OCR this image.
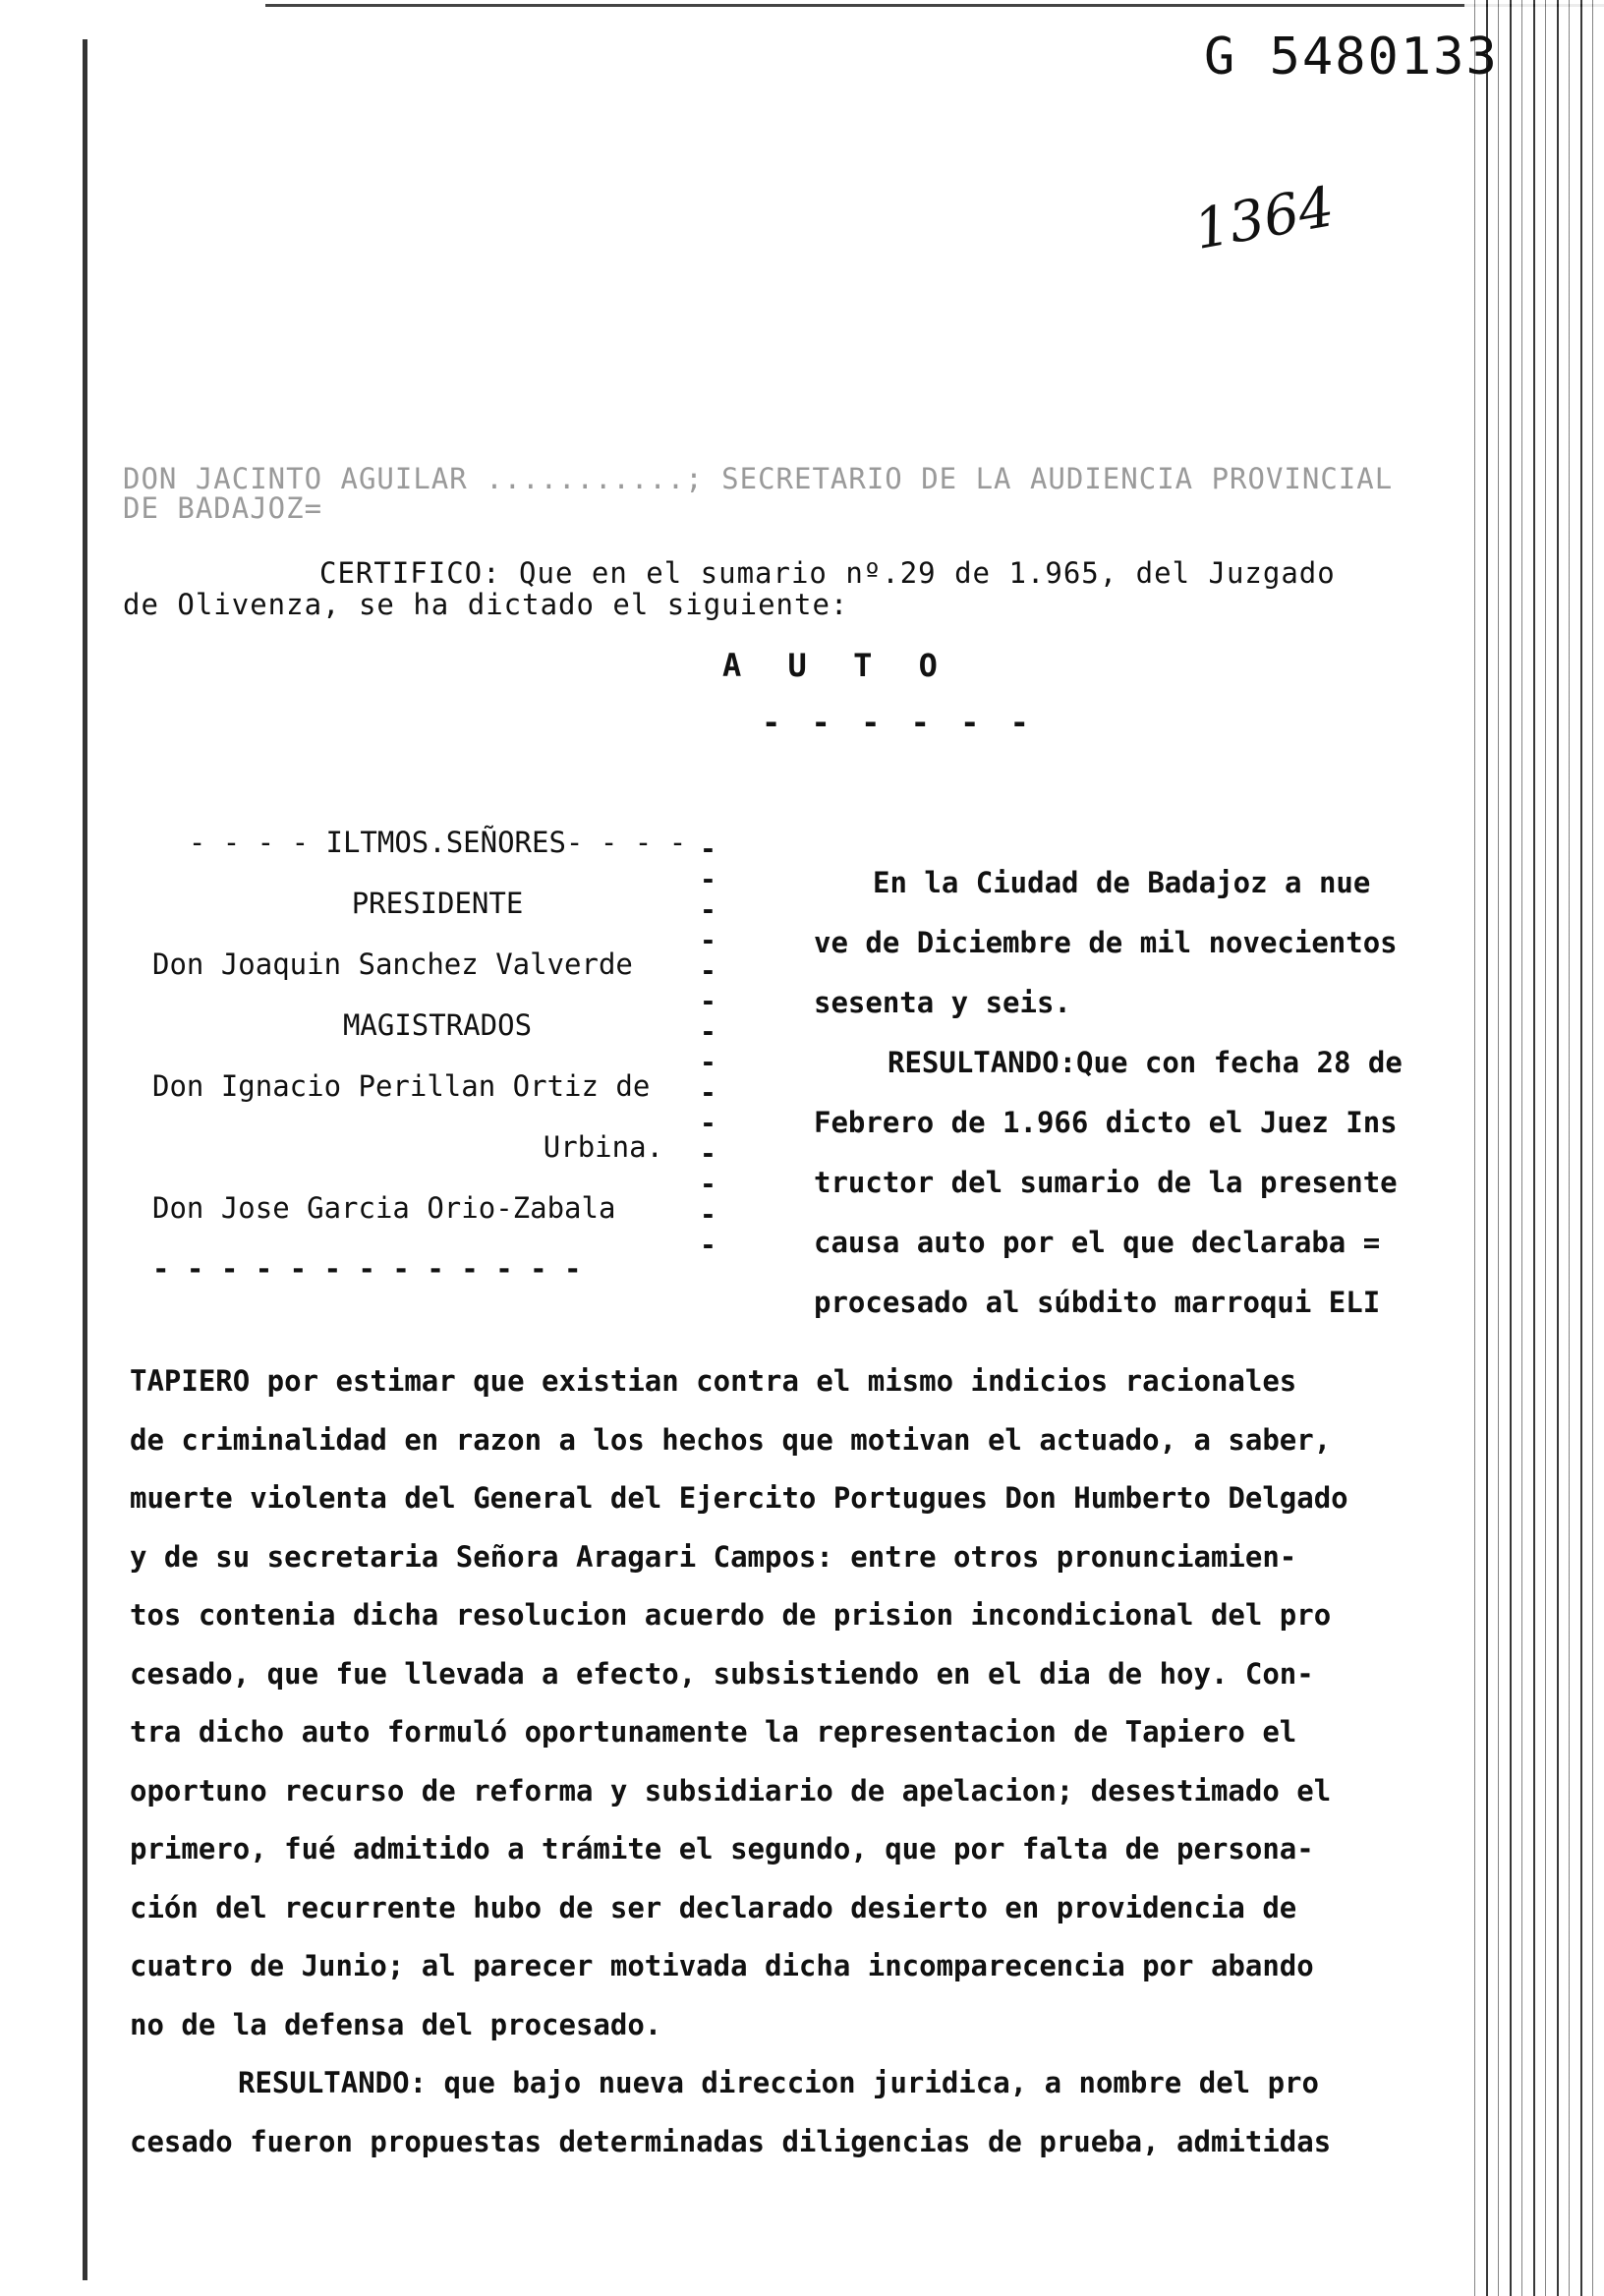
G 5480133
1364
DON JACINTO AGUILAR ...........; SECRETARIO DE LA AUDIENCIA PROVINCIAL
DE BADAJOZ=
CERTIFICO: Que en el sumario nº.29 de 1.965, del Juzgado
de Olivenza, se ha dictado el siguiente:
A U T O
- - - - - -
- - - - ILTMOS.SEÑORES- - - -
PRESIDENTE
Don Joaquin Sanchez Valverde
MAGISTRADOS
Don Ignacio Perillan Ortiz de
Urbina.
Don Jose Garcia Orio-Zabala
- - - - - - - - - - - - -
-
-
-
-
-
-
-
-
-
-
-
-
-
-
En la Ciudad de Badajoz a nue
ve de Diciembre de mil novecientos
sesenta y seis.
RESULTANDO:Que con fecha 28 de
Febrero de 1.966 dicto el Juez Ins
tructor del sumario de la presente
causa auto por el que declaraba =
procesado al súbdito marroqui ELI
TAPIERO por estimar que existian contra el mismo indicios racionales
de criminalidad en razon a los hechos que motivan el actuado, a saber,
muerte violenta del General del Ejercito Portugues Don Humberto Delgado
y de su secretaria Señora Aragari Campos: entre otros pronunciamien-
tos contenia dicha resolucion acuerdo de prision incondicional del pro
cesado, que fue llevada a efecto, subsistiendo en el dia de hoy. Con-
tra dicho auto formuló oportunamente la representacion de Tapiero el
oportuno recurso de reforma y subsidiario de apelacion; desestimado el
primero, fué admitido a trámite el segundo, que por falta de persona-
ción del recurrente hubo de ser declarado desierto en providencia de
cuatro de Junio; al parecer motivada dicha incomparecencia por abando
no de la defensa del procesado.
RESULTANDO: que bajo nueva direccion juridica, a nombre del pro
cesado fueron propuestas determinadas diligencias de prueba, admitidas
